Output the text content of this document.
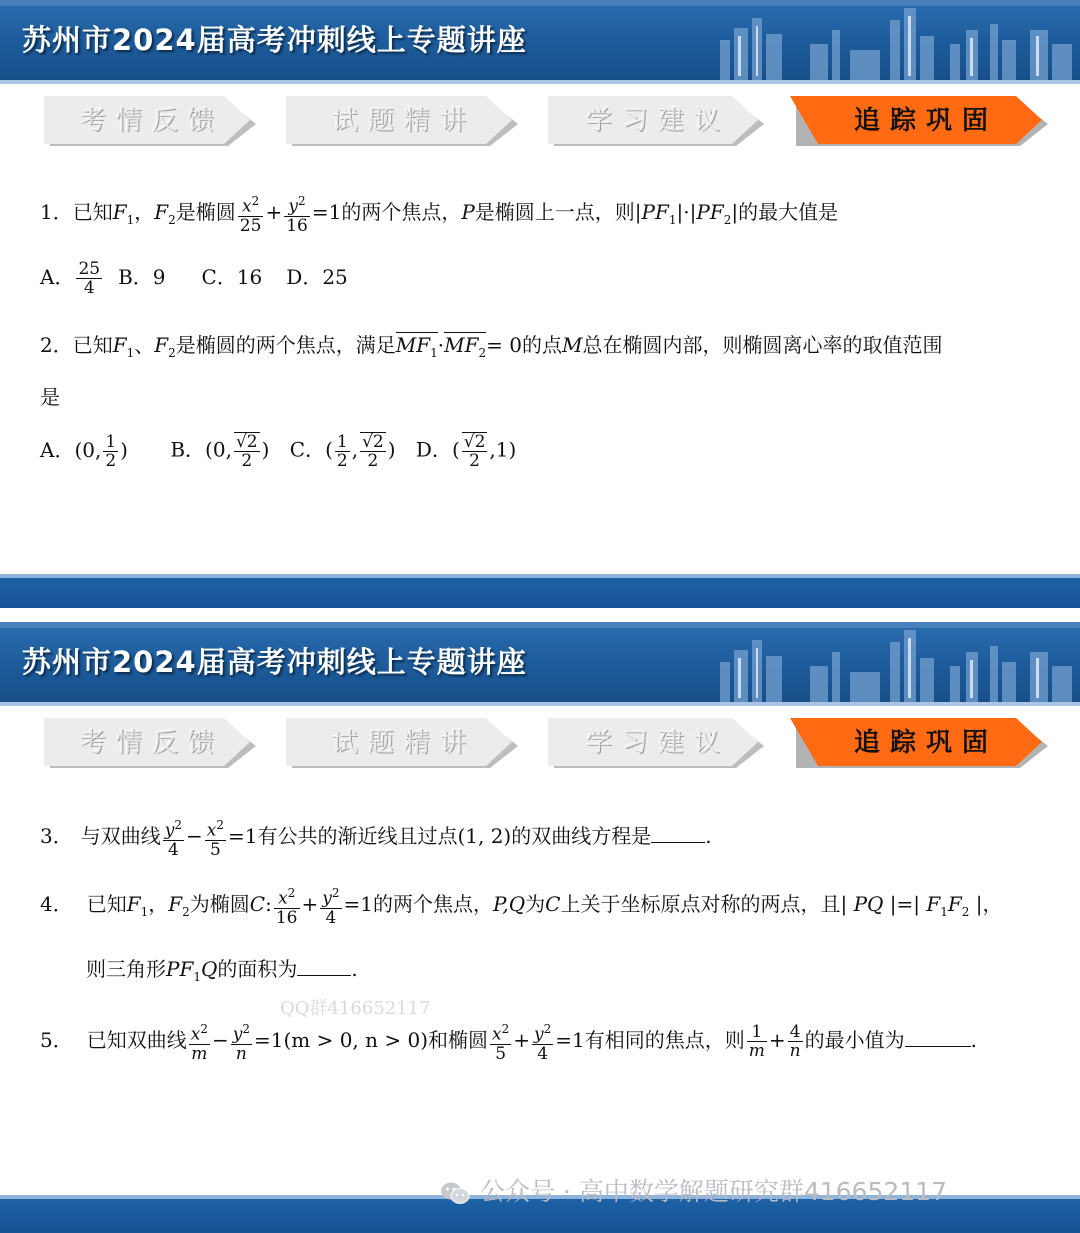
苏州市2024届高考冲刺线上专题讲座
考情反馈	试题精讲	学习建议	追踪巩固
1．已知$F_1$，$F_2$是椭圆 $\frac{x^2}{25} + \frac{y^2}{16} =1$的两个焦点，P是椭圆上一点，则$|PF_1|\cdot|PF_2|$的最大值是
A． $\frac{25}{4}$ B．9 C．16 D．25
2．已知$F_1$、$F_2$是椭圆的两个焦点，满足$MF_1\cdot MF_2= 0$的点M总在椭圆内部，则椭圆离心率的取值范围
是
A．(0, $\frac{1}{2}$ ) B．(0, $\frac{√2}{2}$ ) C．( $\frac{1}{2}$ , $\frac{√2}{2}$ ) D．( $\frac{√2}{2} ,1$)
苏州市2024届高考冲刺线上专题讲座
考情反馈	试题精讲	学习建议	追踪巩固
3． 与双曲线 $\frac{y^2}{4} - \frac{x^2}{5} =1$有公共的渐近线且过点(1, 2)的双曲线方程是	.
4． 已知$F_1$，$F_2$为椭圆C: $\frac{x^2}{16} + \frac{y^2}{4} =1$的两个焦点，P,Q为C上关于坐标原点对称的两点，且| PQ |=| $F_1F_2$ |，
则三角形$PF_1Q$的面积为	.
5． 已知双曲线 $\frac{x^2}{m} - \frac{y^2}{n} =1(m > 0$, n > 0)和椭圆 $\frac{x^2}{5} + \frac{y^2}{4} =1$有相同的焦点，则 $\frac{1}{m} + \frac{4}{n}$ 的最小值为	.
QQ群416652117
公众号 · 高中数学解题研究群416652117
